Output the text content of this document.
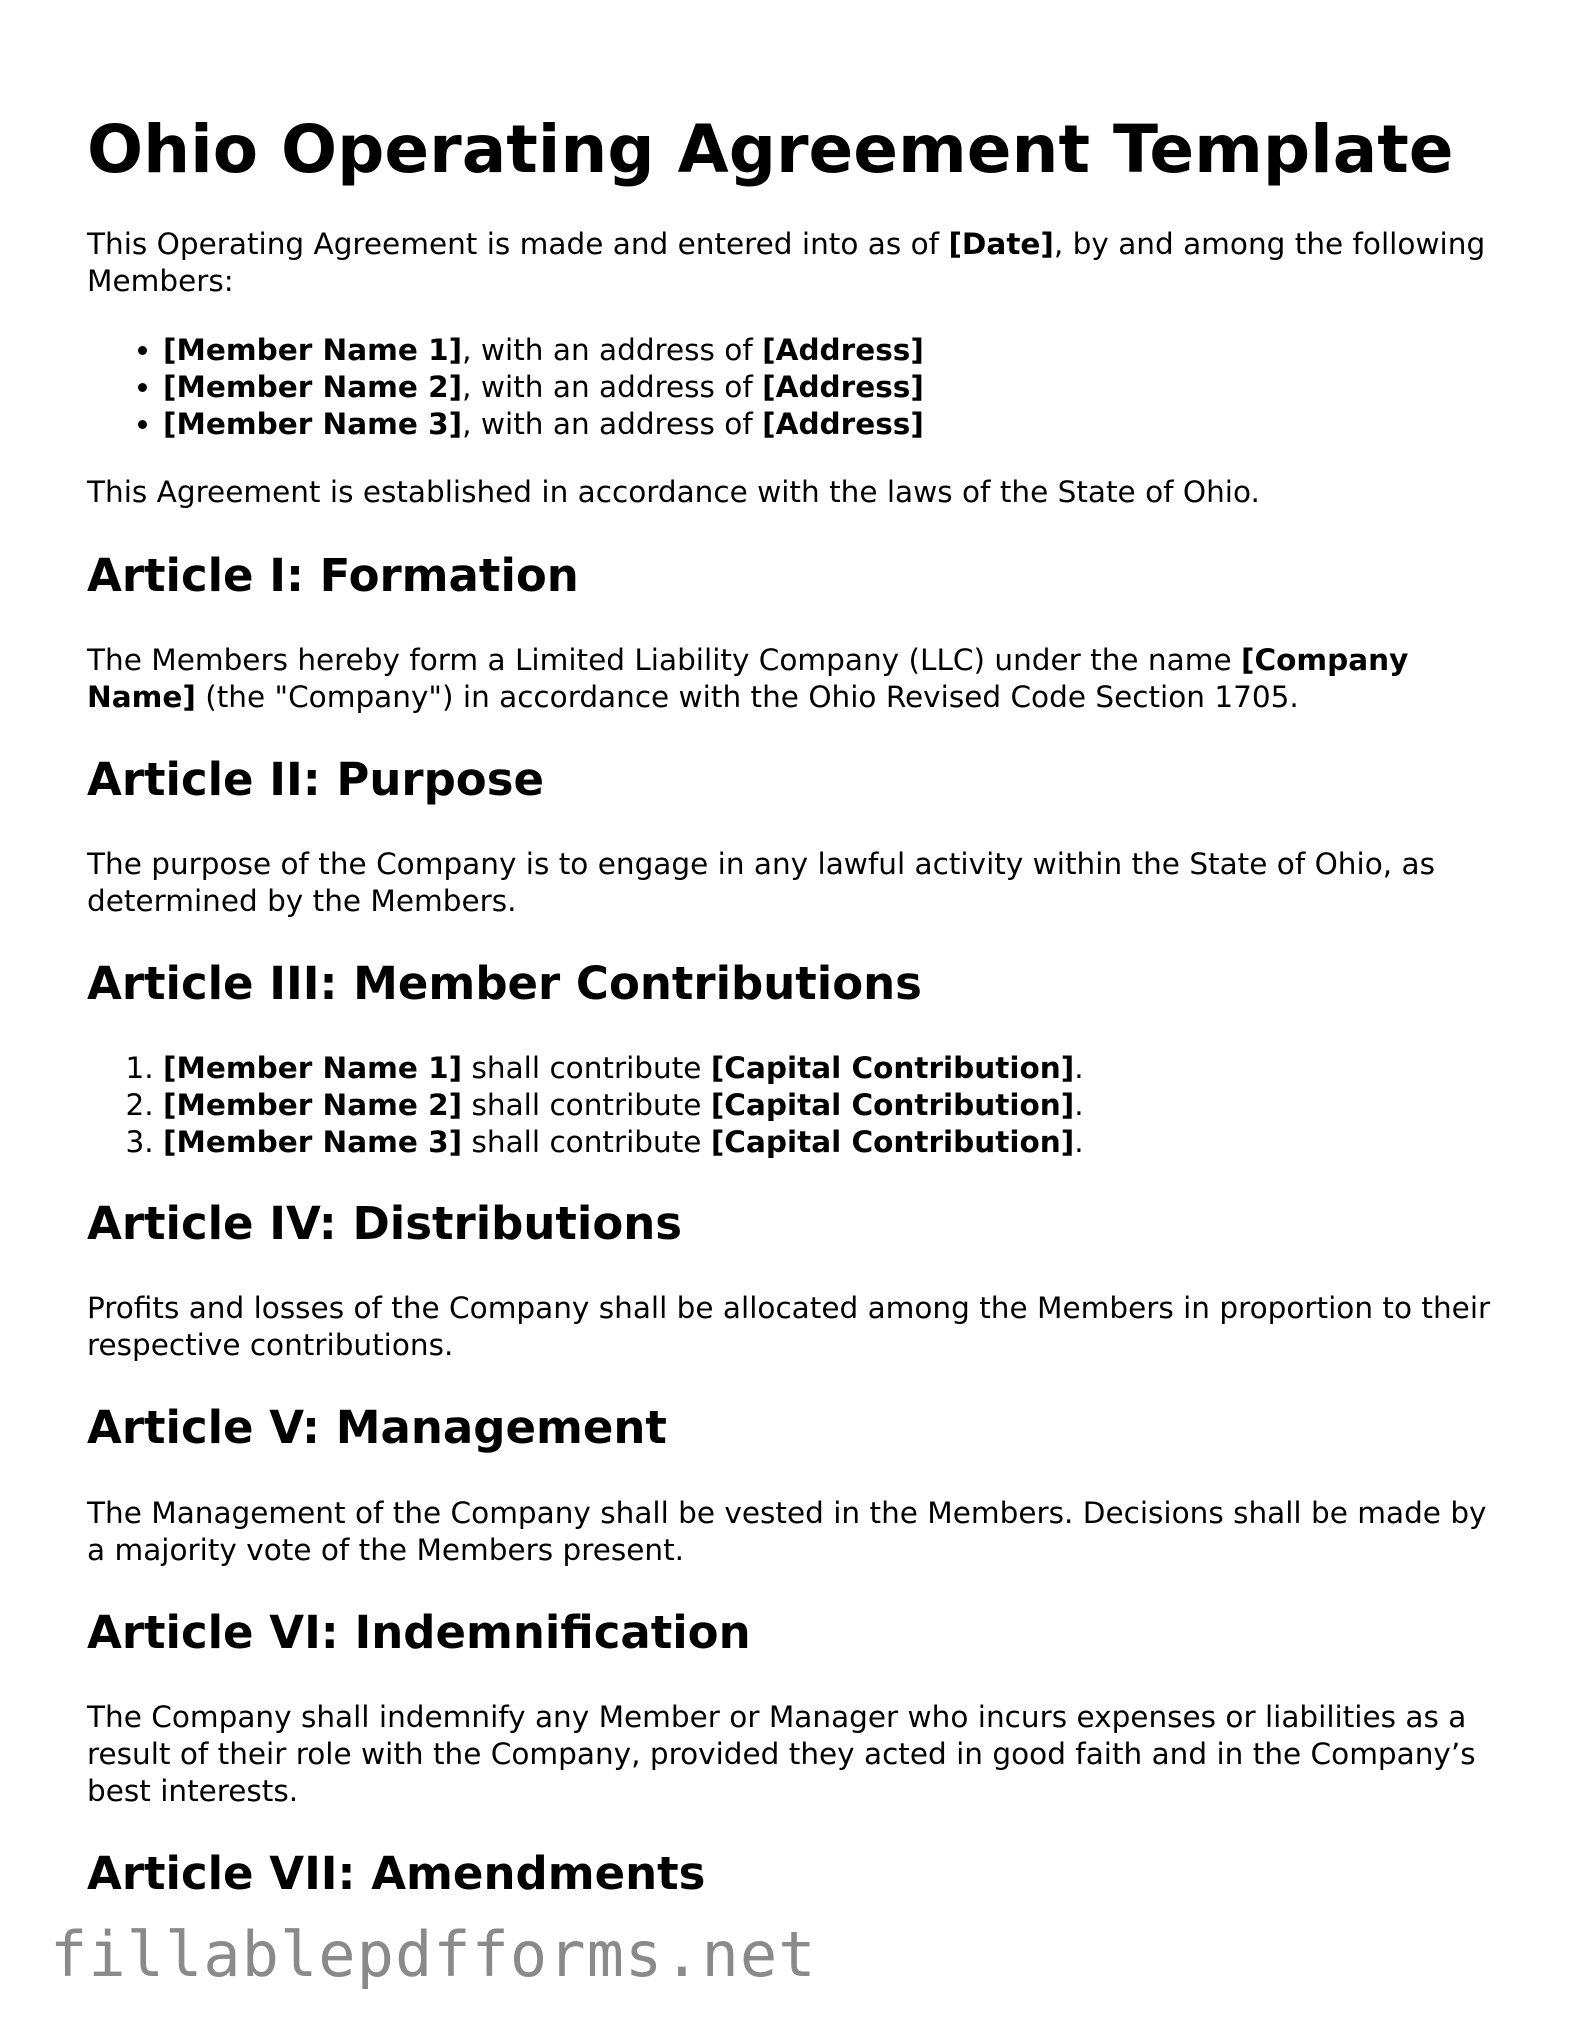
Ohio Operating Agreement Template

This Operating Agreement is made and entered into as of [Date], by and among the following Members:

• [Member Name 1], with an address of [Address]
• [Member Name 2], with an address of [Address]
• [Member Name 3], with an address of [Address]

This Agreement is established in accordance with the laws of the State of Ohio.

Article I: Formation

The Members hereby form a Limited Liability Company (LLC) under the name [Company Name] (the "Company") in accordance with the Ohio Revised Code Section 1705.

Article II: Purpose

The purpose of the Company is to engage in any lawful activity within the State of Ohio, as determined by the Members.

Article III: Member Contributions
1. [Member Name 1] shall contribute [Capital Contribution].
2. [Member Name 2] shall contribute [Capital Contribution].
3. [Member Name 3] shall contribute [Capital Contribution].
Article IV: Distributions

Profits and losses of the Company shall be allocated among the Members in proportion to their respective contributions.

Article V: Management

The Management of the Company shall be vested in the Members. Decisions shall be made by a majority vote of the Members present.

Article VI: Indemnification

The Company shall indemnify any Member or Manager who incurs expenses or liabilities as a result of their role with the Company, provided they acted in good faith and in the Company’s best interests.

Article VII: Amendments
fillablepdfforms.net
